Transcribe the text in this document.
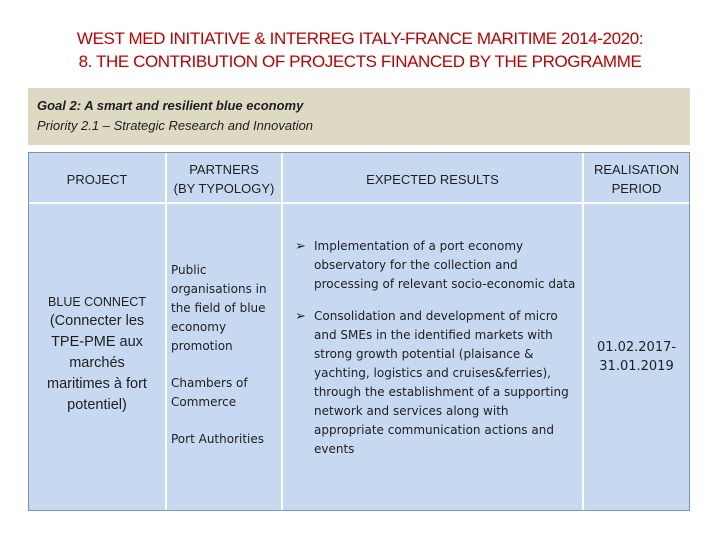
WEST MED INITIATIVE & INTERREG ITALY-FRANCE MARITIME 2014-2020:
8. THE CONTRIBUTION OF PROJECTS FINANCED BY THE PROGRAMME
Goal 2: A smart and resilient blue economy
Priority 2.1 – Strategic Research and Innovation
PROJECT
PARTNERS
(BY TYPOLOGY)
EXPECTED RESULTS
REALISATION
PERIOD
BLUE CONNECT
(Connecter les
TPE-PME aux
marchés
maritimes à fort
potentiel)
Public
organisations in
the field of blue
economy
promotion
Chambers of
Commerce
Port Authorities
➢ Implementation of a port economy observatory for the collection and processing of relevant socio-economic data
➢ Consolidation and development of micro and SMEs in the identified markets with strong growth potential (plaisance & yachting, logistics and cruises&ferries), through the establishment of a supporting network and services along with appropriate communication actions and events
01.02.2017-
31.01.2019
